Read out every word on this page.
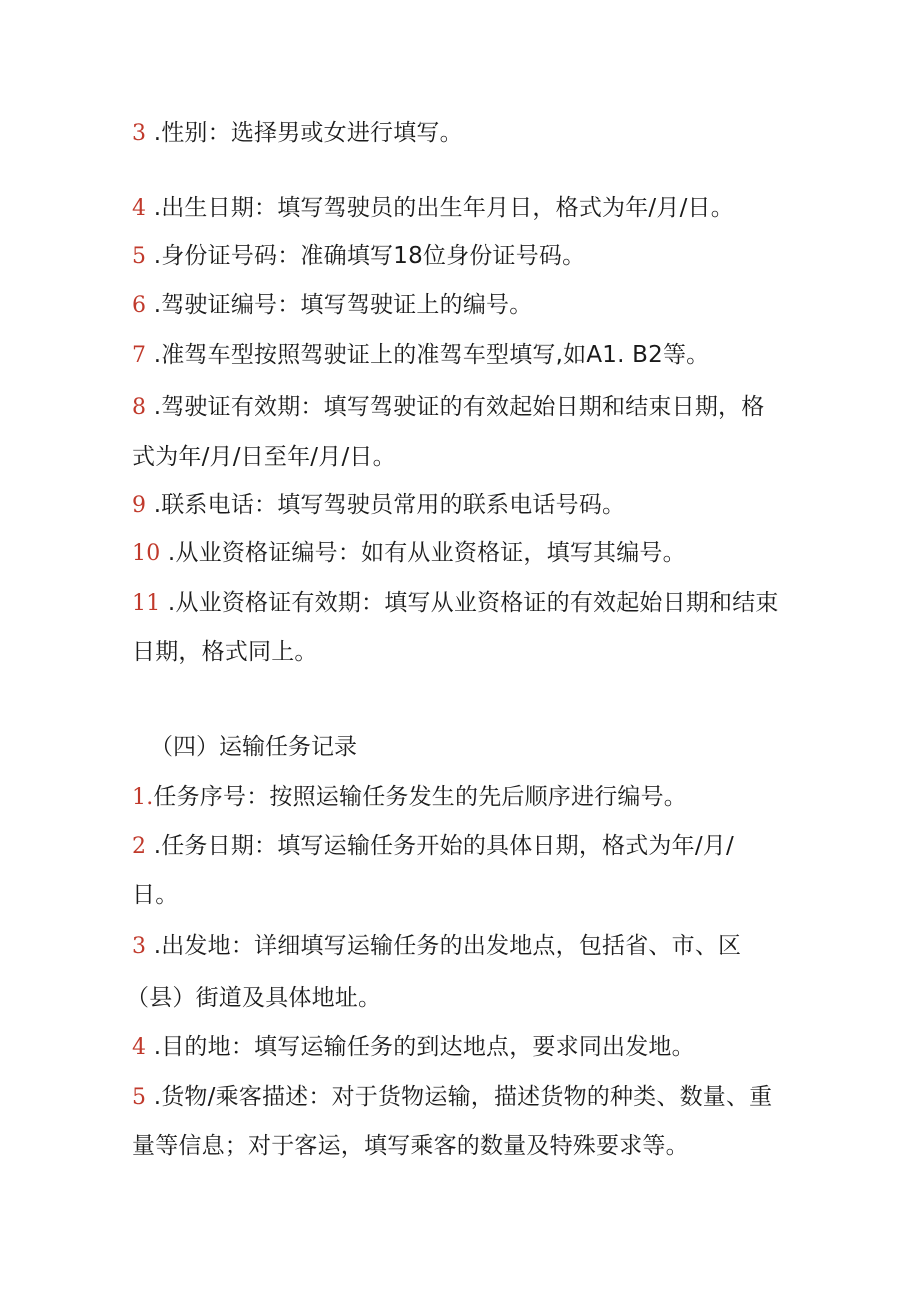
3 .性别：选择男或女进行填写。
4 .出生日期：填写驾驶员的出生年月日，格式为年/月/日。
5 .身份证号码：准确填写18位身份证号码。
6 .驾驶证编号：填写驾驶证上的编号。
7 .准驾车型按照驾驶证上的准驾车型填写,如A1. B2等。
8 .驾驶证有效期：填写驾驶证的有效起始日期和结束日期，格
式为年/月/日至年/月/日。
9 .联系电话：填写驾驶员常用的联系电话号码。
10 .从业资格证编号：如有从业资格证，填写其编号。
11 .从业资格证有效期：填写从业资格证的有效起始日期和结束
日期，格式同上。
（四）运输任务记录
1.任务序号：按照运输任务发生的先后顺序进行编号。
2 .任务日期：填写运输任务开始的具体日期，格式为年/月/
日。
3 .出发地：详细填写运输任务的出发地点，包括省、市、区
（县）街道及具体地址。
4 .目的地：填写运输任务的到达地点，要求同出发地。
5 .货物/乘客描述：对于货物运输，描述货物的种类、数量、重
量等信息；对于客运，填写乘客的数量及特殊要求等。
